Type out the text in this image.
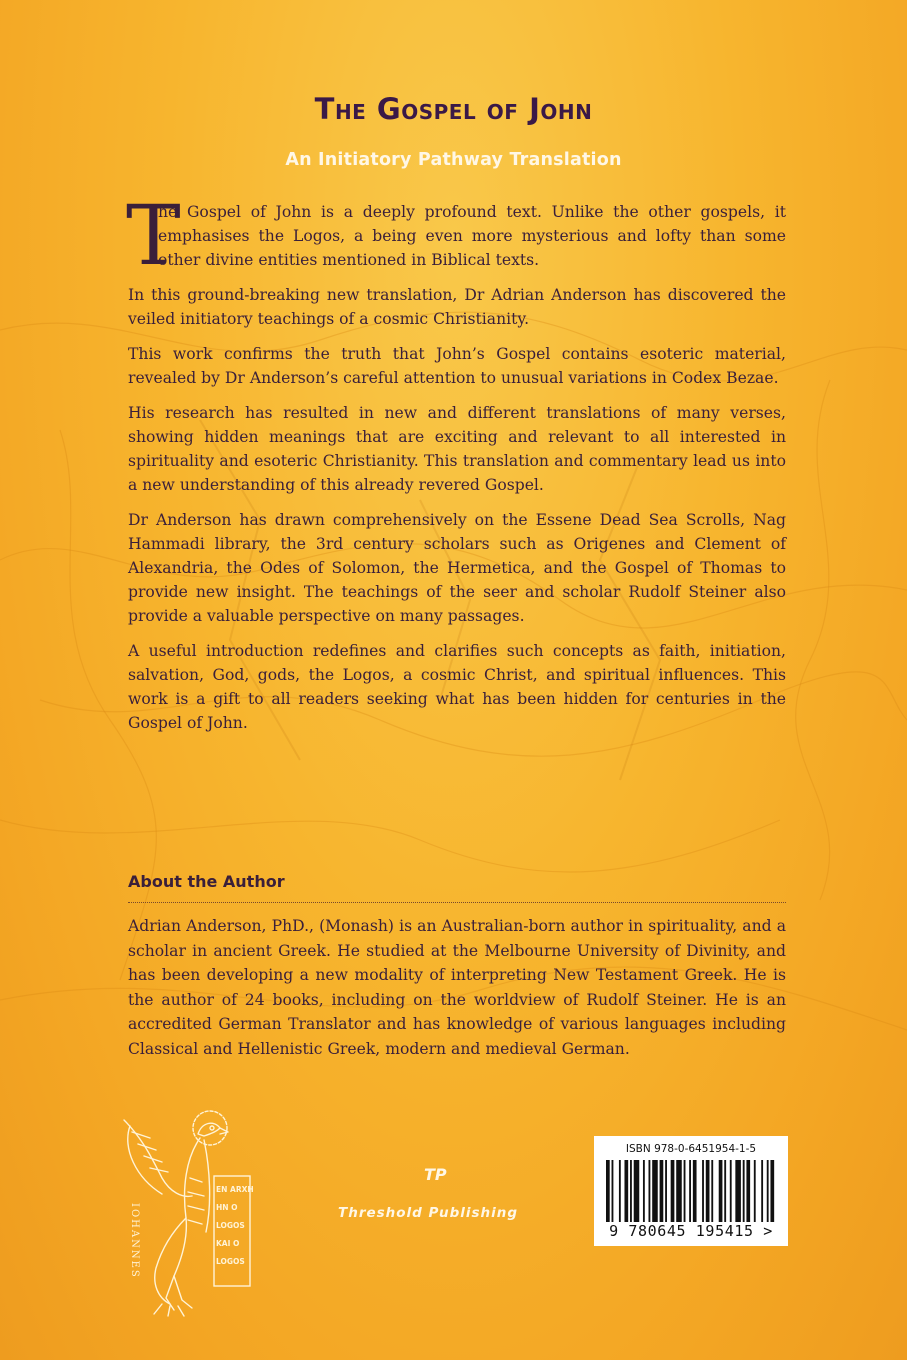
The Gospel of John
An Initiatory Pathway Translation

T
he Gospel of John is a deeply profound text. Unlike the other gospels, it emphasises the Logos, a being even more mysterious and lofty than some other divine entities mentioned in Biblical texts.

In this ground-breaking new translation, Dr Adrian Anderson has discovered the veiled initiatory teachings of a cosmic Christianity.

This work confirms the truth that John’s Gospel contains esoteric material, revealed by Dr Anderson’s careful attention to unusual variations in Codex Bezae.

His research has resulted in new and different translations of many verses, showing hidden meanings that are exciting and relevant to all interested in spirituality and esoteric Christianity. This translation and commentary lead us into a new understanding of this already revered Gospel.

Dr Anderson has drawn comprehensively on the Essene Dead Sea Scrolls, Nag Hammadi library, the 3rd century scholars such as Origenes and Clement of Alexandria, the Odes of Solomon, the Hermetica, and the Gospel of Thomas to provide new insight. The teachings of the seer and scholar Rudolf Steiner also provide a valuable perspective on many passages.

A useful introduction redefines and clarifies such concepts as faith, initiation, salvation, God, gods, the Logos, a cosmic Christ, and spiritual influences. This work is a gift to all readers seeking what has been hidden for centuries in the Gospel of John.

About the Author

Adrian Anderson, PhD., (Monash) is an Australian-born author in spirituality, and a scholar in ancient Greek. He studied at the Melbourne University of Divinity, and has been developing a new modality of interpreting New Testament Greek. He is the author of 24 books, including on the worldview of Rudolf Steiner. He is an accredited German Translator and has knowledge of various languages including Classical and Hellenistic Greek, modern and medieval German.

EN ARXH
HN O
LOGOS
KAI O
LOGOS
IOHANNES
TP
Threshold Publishing
ISBN 978-0-6451954-1-5
9 780645 195415 >
